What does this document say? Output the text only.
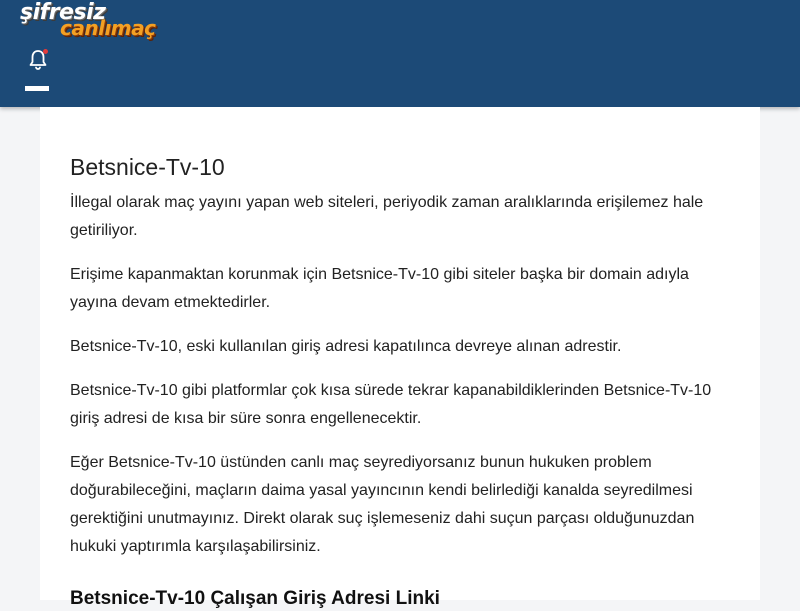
şifresiz
canlımaç
Betsnice-Tv-10

İllegal olarak maç yayını yapan web siteleri, periyodik zaman aralıklarında erişilemez hale getiriliyor.

Erişime kapanmaktan korunmak için Betsnice-Tv-10 gibi siteler başka bir domain adıyla yayına devam etmektedirler.

Betsnice-Tv-10, eski kullanılan giriş adresi kapatılınca devreye alınan adrestir.

Betsnice-Tv-10 gibi platformlar çok kısa sürede tekrar kapanabildiklerinden Betsnice-Tv-10 giriş adresi de kısa bir süre sonra engellenecektir.

Eğer Betsnice-Tv-10 üstünden canlı maç seyrediyorsanız bunun hukuken problem doğurabileceğini, maçların daima yasal yayıncının kendi belirlediği kanalda seyredilmesi gerektiğini unutmayınız. Direkt olarak suç işlemeseniz dahi suçun parçası olduğunuzdan hukuki yaptırımla karşılaşabilirsiniz.

Betsnice-Tv-10 Çalışan Giriş Adresi Linki
